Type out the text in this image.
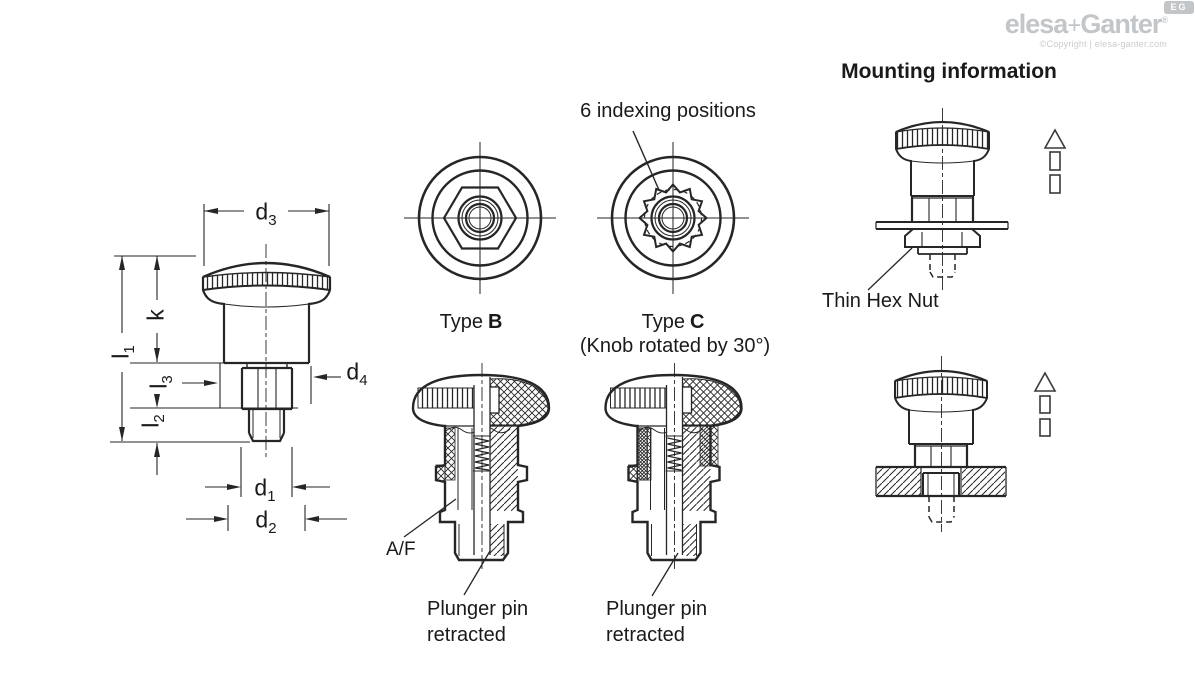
$d_3$
k
$l_1$
$l_3$
$l_2$
$d_4$
$d_1$
$d_2$
6 indexing positions
Type B	Type C
(Knob rotated by 30°)
A/F
Plunger pin
retracted
Plunger pin
retracted
Mounting information
Thin Hex Nut
elesa+Ganter®
©Copyright | elesa-ganter.com
EG
